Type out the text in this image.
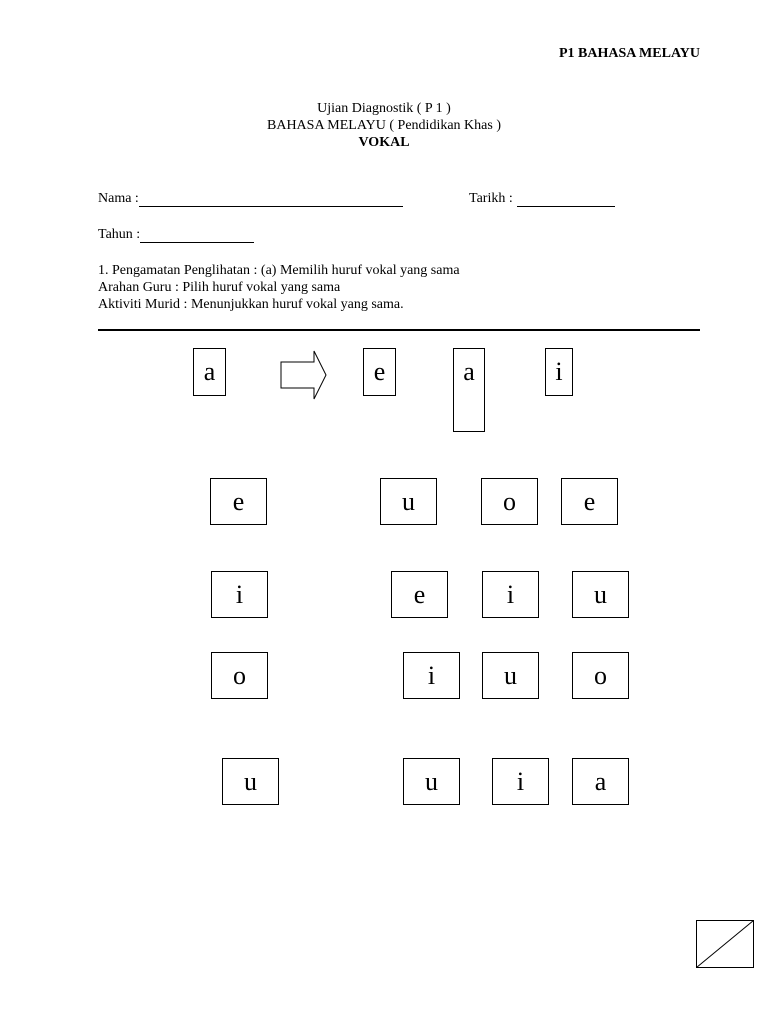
P1 BAHASA MELAYU
Ujian Diagnostik ( P 1 )
BAHASA MELAYU ( Pendidikan Khas )
VOKAL
Nama :	Tarikh :
Tahun :
1. Pengamatan Penglihatan : (a) Memilih huruf vokal yang sama
Arahan Guru : Pilih huruf vokal yang sama
Aktiviti Murid : Menunjukkan huruf vokal yang sama.
a	e	a	i
e	u	o	e
i	e	i	u
o	i	u	o
u	u	i	a
